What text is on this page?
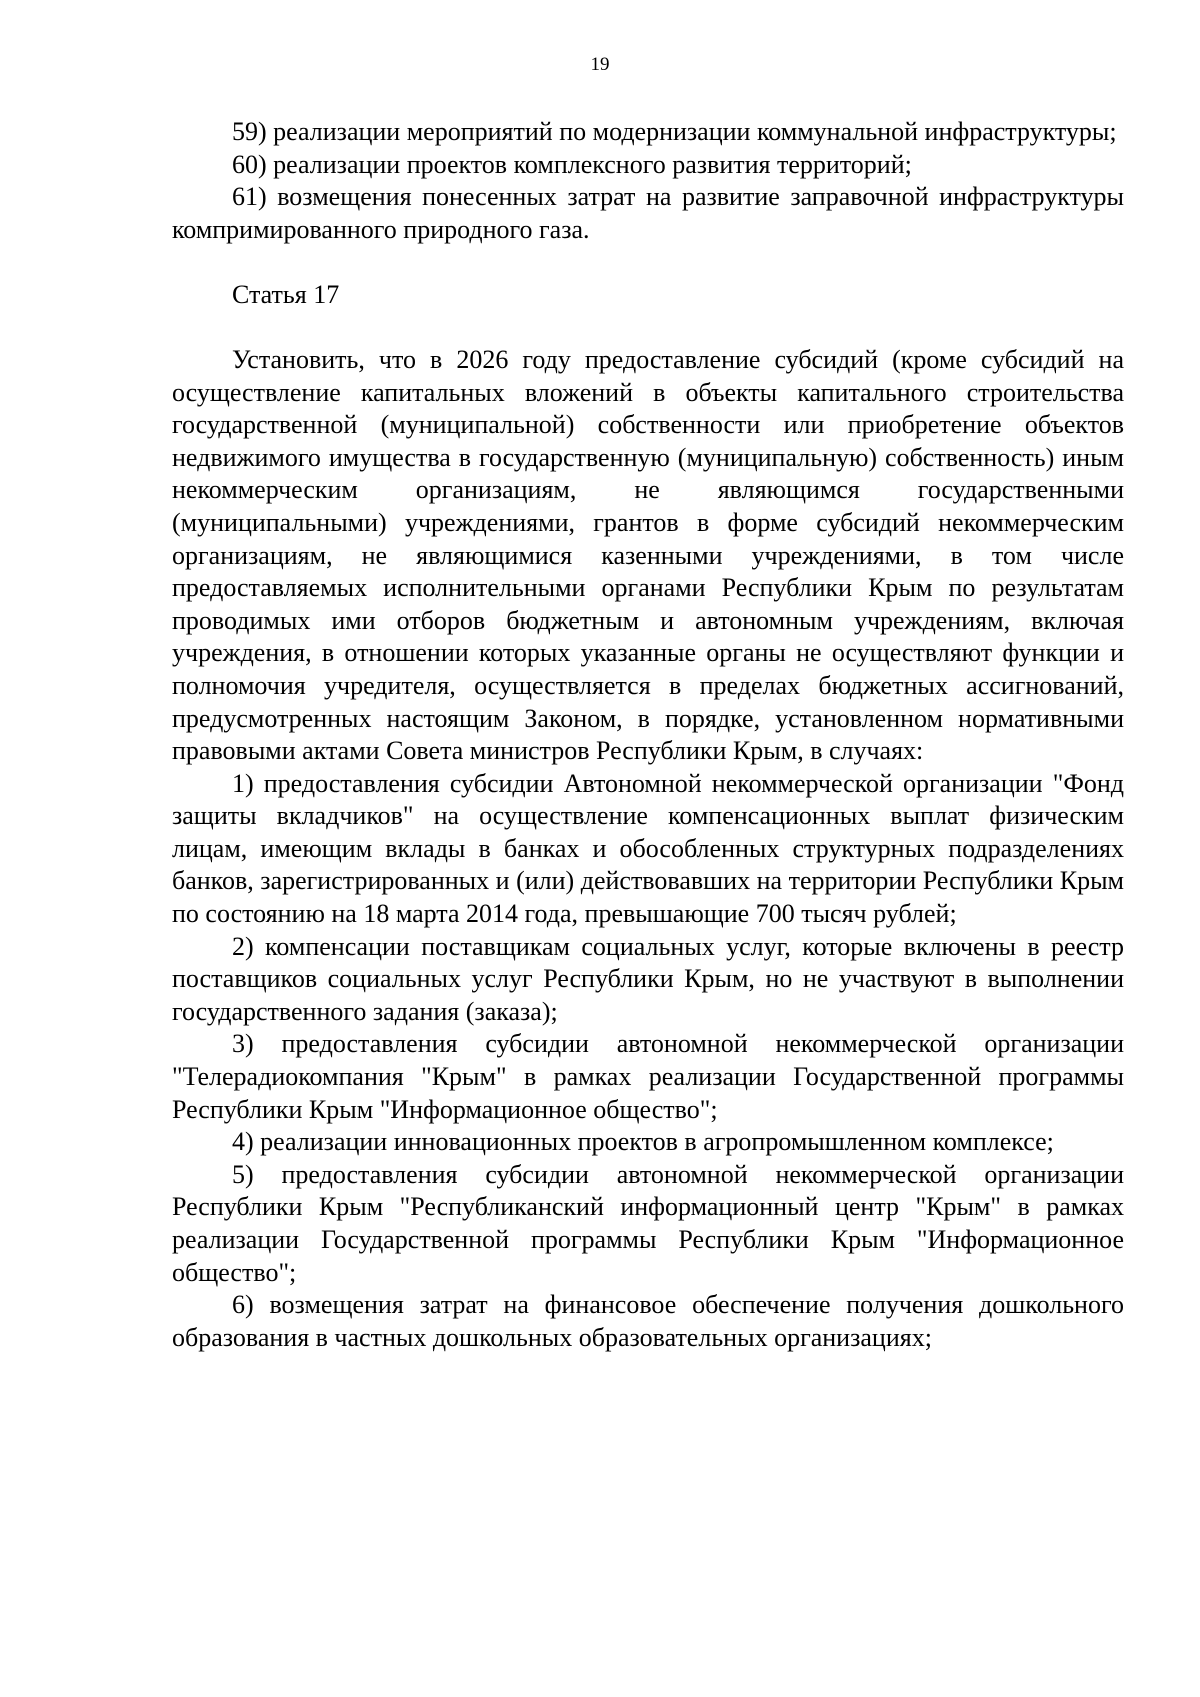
19

59) реализации мероприятий по модернизации коммунальной инфраструктуры;

60) реализации проектов комплексного развития территорий;

61) возмещения понесенных затрат на развитие заправочной инфраструктуры компримированного природного газа.

Статья 17

Установить, что в 2026 году предоставление субсидий (кроме субсидий на осуществление капитальных вложений в объекты капитального строительства государственной (муниципальной) собственности или приобретение объектов недвижимого имущества в государственную (муниципальную) собственность) иным некоммерческим организациям, не являющимся государственными (муниципальными) учреждениями, грантов в форме субсидий некоммерческим организациям, не являющимися казенными учреждениями, в том числе предоставляемых исполнительными органами Республики Крым по результатам проводимых ими отборов бюджетным и автономным учреждениям, включая учреждения, в отношении которых указанные органы не осуществляют функции и полномочия учредителя, осуществляется в пределах бюджетных ассигнований, предусмотренных настоящим Законом, в порядке, установленном нормативными правовыми актами Совета министров Республики Крым, в случаях:

1) предоставления субсидии Автономной некоммерческой организации "Фонд защиты вкладчиков" на осуществление компенсационных выплат физическим лицам, имеющим вклады в банках и обособленных структурных подразделениях банков, зарегистрированных и (или) действовавших на территории Республики Крым по состоянию на 18 марта 2014 года, превышающие 700 тысяч рублей;

2) компенсации поставщикам социальных услуг, которые включены в реестр поставщиков социальных услуг Республики Крым, но не участвуют в выполнении государственного задания (заказа);

3) предоставления субсидии автономной некоммерческой организации "Телерадиокомпания "Крым" в рамках реализации Государственной программы Республики Крым "Информационное общество";

4) реализации инновационных проектов в агропромышленном комплексе;

5) предоставления субсидии автономной некоммерческой организации Республики Крым "Республиканский информационный центр "Крым" в рамках реализации Государственной программы Республики Крым "Информационное общество";

6) возмещения затрат на финансовое обеспечение получения дошкольного образования в частных дошкольных образовательных организациях;
